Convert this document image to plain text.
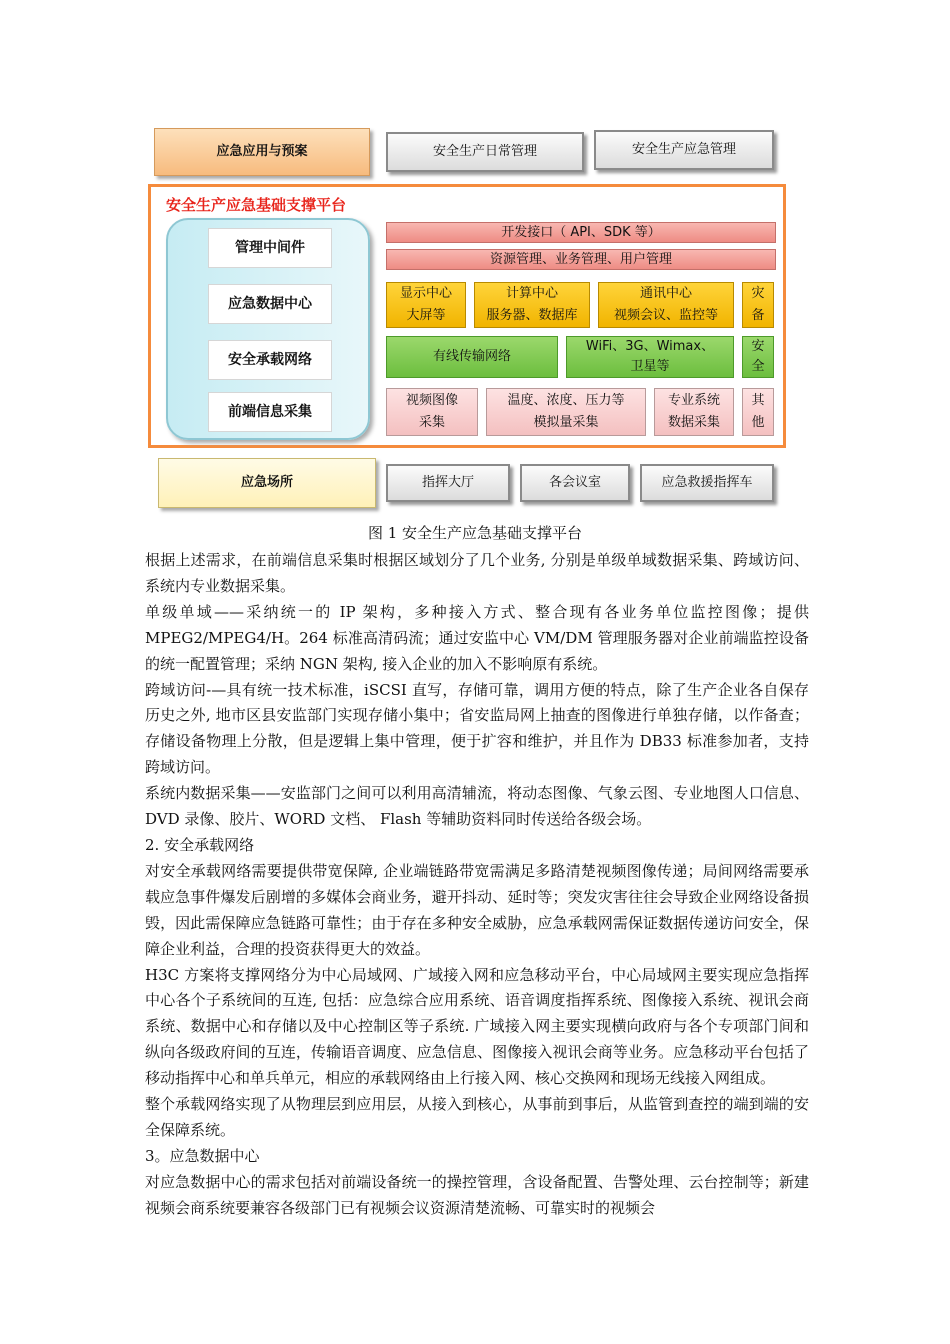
应急应用与预案	安全生产日常管理	安全生产应急管理
安全生产应急基础支撑平台
管理中间件
应急数据中心
安全承载网络
前端信息采集
开发接口（ API、SDK 等）
资源管理、业务管理、用户管理
显示中心
大屏等
计算中心
服务器、数据库
通讯中心
视频会议、监控等
灾
备
有线传输网络
WiFi、3G、Wimax、
卫星等
安
全
视频图像
采集
温度、浓度、压力等
模拟量采集
专业系统
数据采集
其
他
应急场所	指挥大厅	各会议室	应急救援指挥车
图 1 安全生产应急基础支撑平台

根据上述需求，在前端信息采集时根据区域划分了几个业务, 分别是单级单域数据采集、跨域访问、系统内专业数据采集。

单级单域——采纳统一的 IP 架构，多种接入方式、整合现有各业务单位监控图像；提供 MPEG2/MPEG4/H。264 标准高清码流；通过安监中心 VM/DM 管理服务器对企业前端监控设备的统一配置管理；采纳 NGN 架构, 接入企业的加入不影响原有系统。

跨域访问-—具有统一技术标准，iSCSI 直写，存储可靠，调用方便的特点，除了生产企业各自保存历史之外, 地市区县安监部门实现存储小集中；省安监局网上抽查的图像进行单独存储，以作备查；存储设备物理上分散，但是逻辑上集中管理，便于扩容和维护，并且作为 DB33 标准参加者，支持跨域访问。

系统内数据采集——安监部门之间可以利用高清辅流，将动态图像、气象云图、专业地图人口信息、DVD 录像、胶片、WORD 文档、 Flash 等辅助资料同时传送给各级会场。

2. 安全承载网络

对安全承载网络需要提供带宽保障, 企业端链路带宽需满足多路清楚视频图像传递；局间网络需要承载应急事件爆发后剧增的多媒体会商业务，避开抖动、延时等；突发灾害往往会导致企业网络设备损毁，因此需保障应急链路可靠性；由于存在多种安全威胁，应急承载网需保证数据传递访问安全，保障企业利益，合理的投资获得更大的效益。

H3C 方案将支撑网络分为中心局域网、广域接入网和应急移动平台，中心局域网主要实现应急指挥中心各个子系统间的互连, 包括：应急综合应用系统、语音调度指挥系统、图像接入系统、视讯会商系统、数据中心和存储以及中心控制区等子系统. 广域接入网主要实现横向政府与各个专项部门间和纵向各级政府间的互连，传输语音调度、应急信息、图像接入视讯会商等业务。应急移动平台包括了移动指挥中心和单兵单元，相应的承载网络由上行接入网、核心交换网和现场无线接入网组成。

整个承载网络实现了从物理层到应用层，从接入到核心，从事前到事后，从监管到查控的端到端的安全保障系统。

3。应急数据中心

对应急数据中心的需求包括对前端设备统一的操控管理，含设备配置、告警处理、云台控制等；新建视频会商系统要兼容各级部门已有视频会议资源清楚流畅、可靠实时的视频会
